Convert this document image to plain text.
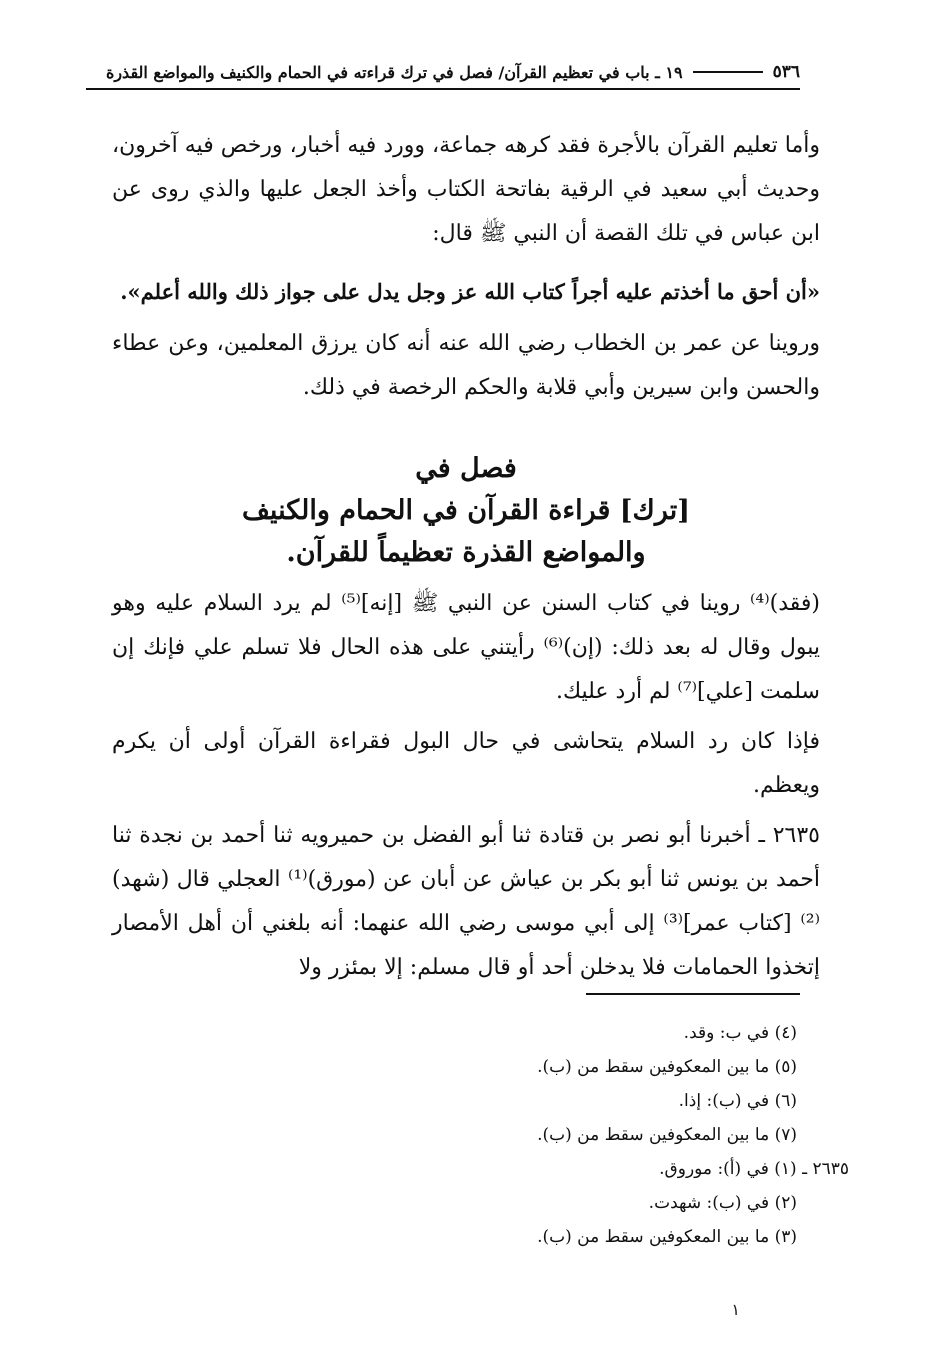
٥٣٦
١٩ ـ باب في تعظيم القرآن/ فصل في ترك قراءته في الحمام والكنيف والمواضع القذرة

وأما تعليم القرآن بالأجرة فقد كرهه جماعة، وورد فيه أخبار، ورخص فيه آخرون، وحديث أبي سعيد في الرقية بفاتحة الكتاب وأخذ الجعل عليها والذي روى عن ابن عباس في تلك القصة أن النبي ﷺ قال:

«أن أحق ما أخذتم عليه أجراً كتاب الله عز وجل يدل على جواز ذلك والله أعلم».

وروينا عن عمر بن الخطاب رضي الله عنه أنه كان يرزق المعلمين، وعن عطاء والحسن وابن سيرين وأبي قلابة والحكم الرخصة في ذلك.

فصل في
[ترك] قراءة القرآن في الحمام والكنيف
والمواضع القذرة تعظيماً للقرآن.

(فقد)⁽⁴⁾ روينا في كتاب السنن عن النبي ﷺ [إنه]⁽⁵⁾ لم يرد السلام عليه وهو يبول وقال له بعد ذلك: (إن)⁽⁶⁾ رأيتني على هذه الحال فلا تسلم علي فإنك إن سلمت [علي]⁽⁷⁾ لم أرد عليك.

فإذا كان رد السلام يتحاشى في حال البول فقراءة القرآن أولى أن يكرم ويعظم.

٢٦٣٥ ـ أخبرنا أبو نصر بن قتادة ثنا أبو الفضل بن حميرويه ثنا أحمد بن نجدة ثنا أحمد بن يونس ثنا أبو بكر بن عياش عن أبان عن (مورق)⁽¹⁾ العجلي قال (شهد)⁽²⁾ [كتاب عمر]⁽³⁾ إلى أبي موسى رضي الله عنهما: أنه بلغني أن أهل الأمصار إتخذوا الحمامات فلا يدخلن أحد أو قال مسلم: إلا بمئزر ولا

(٤) في ب: وقد.

(٥) ما بين المعكوفين سقط من (ب).

(٦) في (ب): إذا.

(٧) ما بين المعكوفين سقط من (ب).

٢٦٣٥ ـ (١) في (أ): موروق.

(٢) في (ب): شهدت.

(٣) ما بين المعكوفين سقط من (ب).

١
